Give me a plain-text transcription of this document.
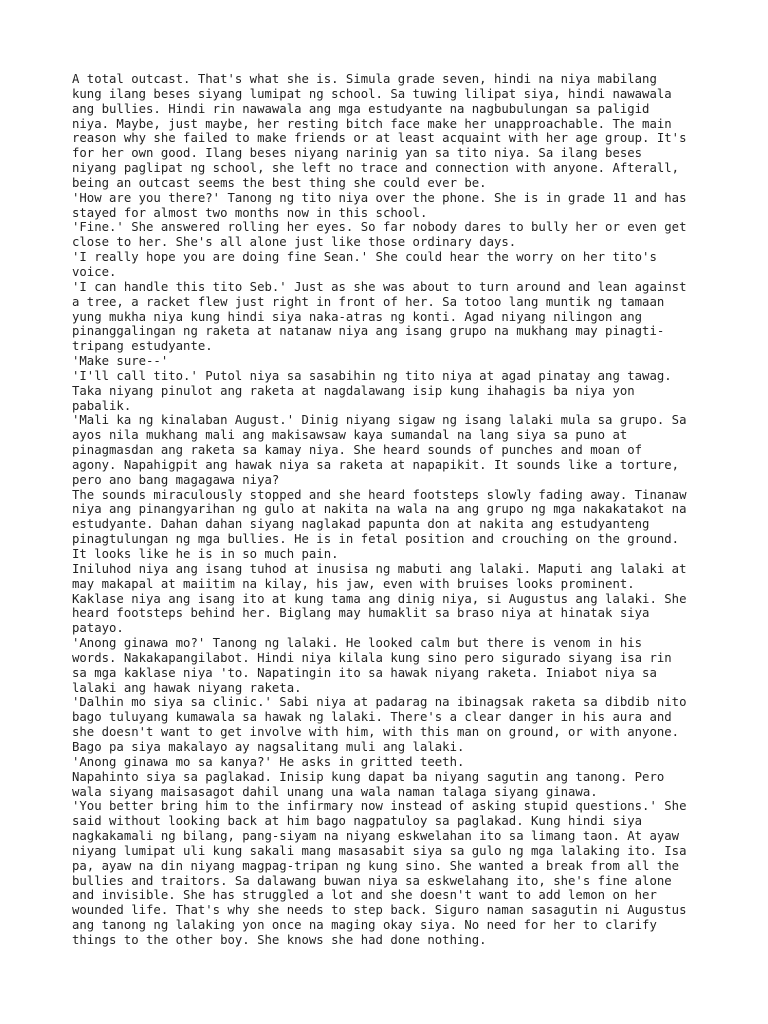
A total outcast. That's what she is. Simula grade seven, hindi na niya mabilang
kung ilang beses siyang lumipat ng school. Sa tuwing lilipat siya, hindi nawawala
ang bullies. Hindi rin nawawala ang mga estudyante na nagbubulungan sa paligid
niya. Maybe, just maybe, her resting bitch face make her unapproachable. The main
reason why she failed to make friends or at least acquaint with her age group. It's
for her own good. Ilang beses niyang narinig yan sa tito niya. Sa ilang beses
niyang paglipat ng school, she left no trace and connection with anyone. Afterall,
being an outcast seems the best thing she could ever be.

'How are you there?' Tanong ng tito niya over the phone. She is in grade 11 and has
stayed for almost two months now in this school.

'Fine.' She answered rolling her eyes. So far nobody dares to bully her or even get
close to her. She's all alone just like those ordinary days.

'I really hope you are doing fine Sean.' She could hear the worry on her tito's
voice.

'I can handle this tito Seb.' Just as she was about to turn around and lean against
a tree, a racket flew just right in front of her. Sa totoo lang muntik ng tamaan
yung mukha niya kung hindi siya naka-atras ng konti. Agad niyang nilingon ang
pinanggalingan ng raketa at natanaw niya ang isang grupo na mukhang may pinagti-
tripang estudyante.

'Make sure--'

'I'll call tito.' Putol niya sa sasabihin ng tito niya at agad pinatay ang tawag.
Taka niyang pinulot ang raketa at nagdalawang isip kung ihahagis ba niya yon
pabalik.

'Mali ka ng kinalaban August.' Dinig niyang sigaw ng isang lalaki mula sa grupo. Sa
ayos nila mukhang mali ang makisawsaw kaya sumandal na lang siya sa puno at
pinagmasdan ang raketa sa kamay niya. She heard sounds of punches and moan of
agony. Napahigpit ang hawak niya sa raketa at napapikit. It sounds like a torture,
pero ano bang magagawa niya?

The sounds miraculously stopped and she heard footsteps slowly fading away. Tinanaw
niya ang pinangyarihan ng gulo at nakita na wala na ang grupo ng mga nakakatakot na
estudyante. Dahan dahan siyang naglakad papunta don at nakita ang estudyanteng
pinagtulungan ng mga bullies. He is in fetal position and crouching on the ground.
It looks like he is in so much pain.

Iniluhod niya ang isang tuhod at inusisa ng mabuti ang lalaki. Maputi ang lalaki at
may makapal at maiitim na kilay, his jaw, even with bruises looks prominent.
Kaklase niya ang isang ito at kung tama ang dinig niya, si Augustus ang lalaki. She
heard footsteps behind her. Biglang may humaklit sa braso niya at hinatak siya
patayo.

'Anong ginawa mo?' Tanong ng lalaki. He looked calm but there is venom in his
words. Nakakapangilabot. Hindi niya kilala kung sino pero sigurado siyang isa rin
sa mga kaklase niya 'to. Napatingin ito sa hawak niyang raketa. Iniabot niya sa
lalaki ang hawak niyang raketa.

'Dalhin mo siya sa clinic.' Sabi niya at padarag na ibinagsak raketa sa dibdib nito
bago tuluyang kumawala sa hawak ng lalaki. There's a clear danger in his aura and
she doesn't want to get involve with him, with this man on ground, or with anyone.
Bago pa siya makalayo ay nagsalitang muli ang lalaki.

'Anong ginawa mo sa kanya?' He asks in gritted teeth.

Napahinto siya sa paglakad. Inisip kung dapat ba niyang sagutin ang tanong. Pero
wala siyang maisasagot dahil unang una wala naman talaga siyang ginawa.

'You better bring him to the infirmary now instead of asking stupid questions.' She
said without looking back at him bago nagpatuloy sa paglakad. Kung hindi siya
nagkakamali ng bilang, pang-siyam na niyang eskwelahan ito sa limang taon. At ayaw
niyang lumipat uli kung sakali mang masasabit siya sa gulo ng mga lalaking ito. Isa
pa, ayaw na din niyang magpag-tripan ng kung sino. She wanted a break from all the
bullies and traitors. Sa dalawang buwan niya sa eskwelahang ito, she's fine alone
and invisible. She has struggled a lot and she doesn't want to add lemon on her
wounded life. That's why she needs to step back. Siguro naman sasagutin ni Augustus
ang tanong ng lalaking yon once na maging okay siya. No need for her to clarify
things to the other boy. She knows she had done nothing.
